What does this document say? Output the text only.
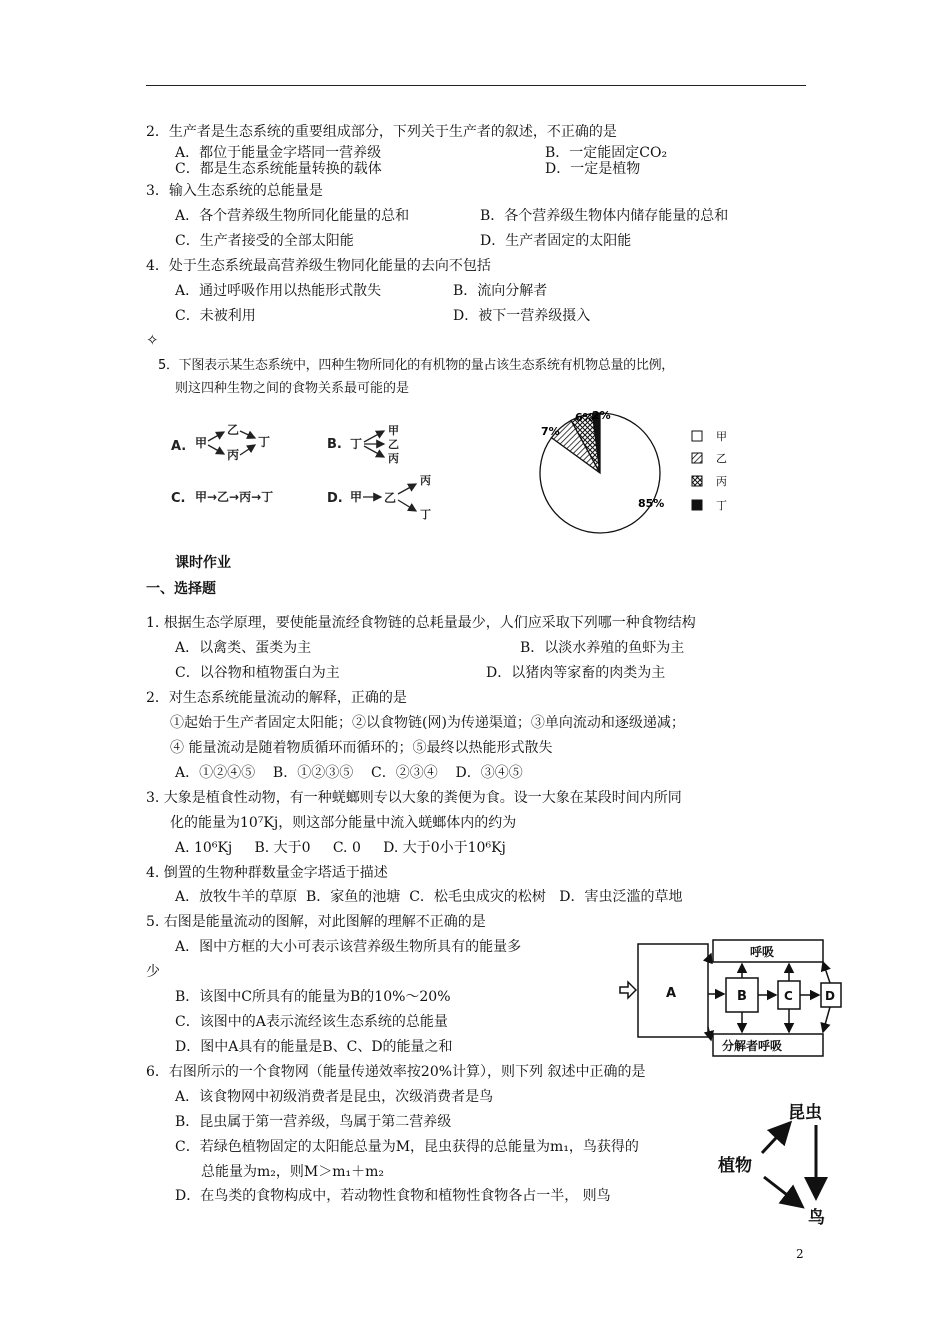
2．生产者是生态系统的重要组成部分，下列关于生产者的叙述，不正确的是
A．都位于能量金字塔同一营养级	B．一定能固定CO₂
C．都是生态系统能量转换的载体	D．一定是植物
3．输入生态系统的总能量是
A．各个营养级生物所同化能量的总和	B．各个营养级生物体内储存能量的总和
C．生产者接受的全部太阳能	D．生产者固定的太阳能
4．处于生态系统最高营养级生物同化能量的去向不包括
A．通过呼吸作用以热能形式散失	B．流向分解者
C．未被利用	D．被下一营养级摄入
✧
5．下图表示某生态系统中，四种生物所同化的有机物的量占该生态系统有机物总量的比例，
则这四种生物之间的食物关系最可能的是
A. 甲
乙
丙
丁	B. 丁
甲
乙
丙
C. 甲→乙→丙→丁	D. 甲 乙
丙
丁
7%
6%
2%
85%
甲
乙
丙
丁
课时作业
一、选择题
1. 根据生态学原理，要使能量流经食物链的总耗量最少，人们应采取下列哪一种食物结构
A．以禽类、蛋类为主	B．以淡水养殖的鱼虾为主
C．以谷物和植物蛋白为主	D．以猪肉等家畜的肉类为主
2．对生态系统能量流动的解释，正确的是
①起始于生产者固定太阳能；②以食物链(网)为传递渠道；③单向流动和逐级递减；
④ 能量流动是随着物质循环而循环的；⑤最终以热能形式散失
A．①②④⑤    B．①②③⑤    C．②③④    D．③④⑤
3. 大象是植食性动物，有一种蜣螂则专以大象的粪便为食。设一大象在某段时间内所同
化的能量为10⁷Kj，则这部分能量中流入蜣螂体内的约为
A. 10⁶Kj     B. 大于0     C. 0     D. 大于0小于10⁶Kj
4. 倒置的生物种群数量金字塔适于描述
A．放牧牛羊的草原  B．家鱼的池塘  C．松毛虫成灾的松树   D．害虫泛滥的草地
5. 右图是能量流动的图解，对此图解的理解不正确的是
A．图中方框的大小可表示该营养级生物所具有的能量多
少
B．该图中C所具有的能量为B的10%～20%
C．该图中的A表示流经该生态系统的总能量
D．图中A具有的能量是B、C、D的能量之和
呼吸
分解者呼吸
A	B	C	D
6．右图所示的一个食物网（能量传递效率按20%计算），则下列 叙述中正确的是
A．该食物网中初级消费者是昆虫，次级消费者是鸟
B．昆虫属于第一营养级，鸟属于第二营养级
C．若绿色植物固定的太阳能总量为M，昆虫获得的总能量为m₁，鸟获得的
总能量为m₂，则M＞m₁＋m₂
D．在鸟类的食物构成中，若动物性食物和植物性食物各占一半， 则鸟
昆虫
植物
鸟
2
